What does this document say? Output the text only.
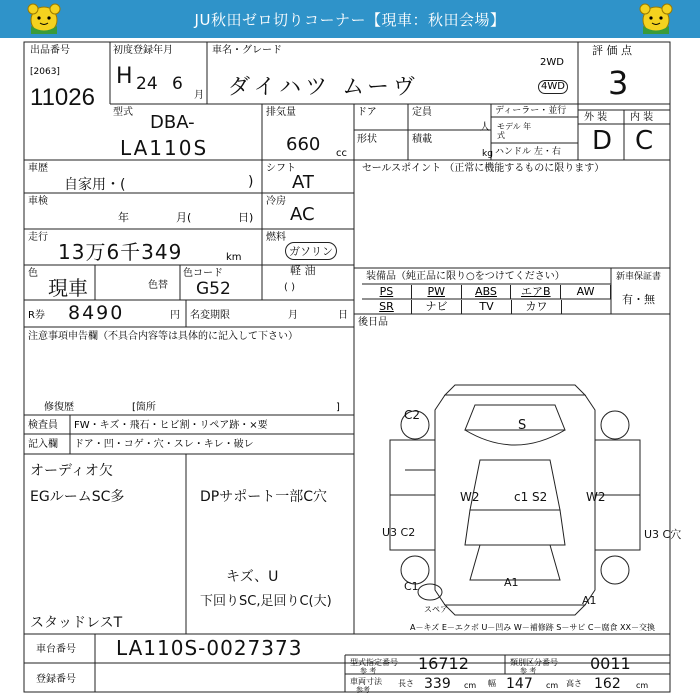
JU秋田ゼロ切りコーナー【現車：秋田会場】
出品番号
[2063]
11026
初度登録年月
H 24 6
月
車名・グレード
ダイハツ ムーヴ
2WD
4WD
評 価 点
3
外 装 内 装
D C
型式 DBA-
LA110S
排気量
660 cc
ドア	定員
人
形状	積載
kg
ディーラー・並行
モデル 年式
ハンドル 左・右
車歴
自家用・(	)
シフト
AT
セールスポイント （正常に機能するものに限ります）
車検
年	月(	日)
冷房
AC
走行
13万6千349	km
燃料
ガソリン
軽 油
( )
色
現車	色替
色コード
G52
装備品（純正品に限り○をつけてください）
PS	PW	ABS	エアB	AW
SR	ナビ	TV	カワ
新車保証書
有・無
後日品
R券 8490	円 名変期限	月	日
注意事項申告欄（不具合内容等は具体的に記入して下さい）
修復歴	[箇所	]
検査員 FW・キズ・飛石・ヒビ割・リペア跡・×要
記入欄 ドア・凹・コゲ・穴・スレ・キレ・破レ
オーディオ欠
EGルームSC多	DPサポート一部C穴
キズ、U
下回りSC,足回りC(大)
スタッドレスT
C2
S
W2	c1 S2	W2
U3 C2	U3 C穴
A1
A1
C1
スペア
A－キズ E－エクボ U－凹み W－補修跡 S－サビ C－腐食 XX－交換
車台番号 LA110S-0027373
登録番号
型式指定番号
参 考	16712	類別区分番号
参 考	0011
車両寸法
参考
長さ 339 cm 幅 147 cm 高さ 162 cm
